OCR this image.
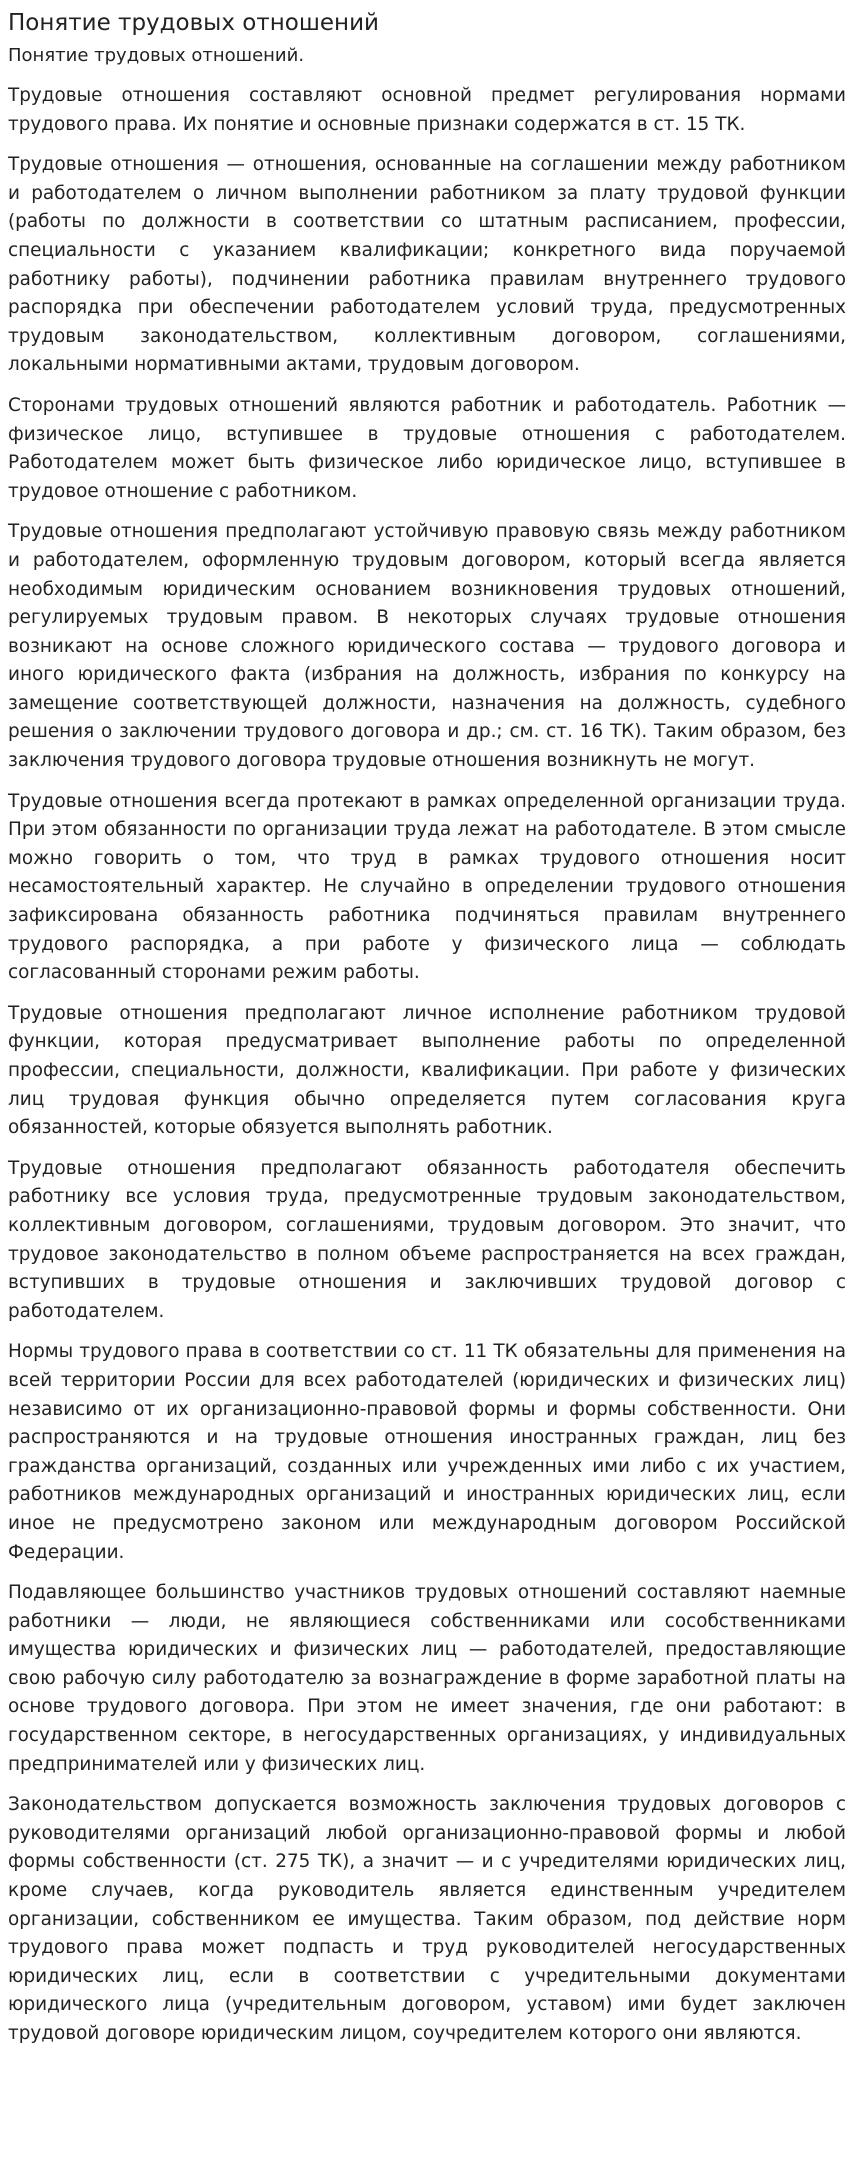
Понятие трудовых отношений
Понятие трудовых отношений.

Трудовые отношения составляют основной предмет регулирования нормами трудового права. Их понятие и основные признаки содержатся в ст. 15 ТК.

Трудовые отношения — отношения, основанные на соглашении между работником и работодателем о личном выполнении работником за плату трудовой функции (работы по должности в соответствии со штатным расписанием, профессии, специальности с указанием квалификации; конкретного вида поручаемой работнику работы), подчинении работника правилам внутреннего трудового распорядка при обеспечении работодателем условий труда, предусмотренных трудовым законодательством, коллективным договором, соглашениями, локальными нормативными актами, трудовым договором.

Сторонами трудовых отношений являются работник и работодатель. Работник — физическое лицо, вступившее в трудовые отношения с работодателем. Работодателем может быть физическое либо юридическое лицо, вступившее в трудовое отношение с работником.

Трудовые отношения предполагают устойчивую правовую связь между работником и работодателем, оформленную трудовым договором, который всегда является необходимым юридическим основанием возникновения трудовых отношений, регулируемых трудовым правом. В некоторых случаях трудовые отношения возникают на основе сложного юридического состава — трудового договора и иного юридического факта (избрания на должность, избрания по конкурсу на замещение соответствующей должности, назначения на должность, судебного решения о заключении трудового договора и др.; см. ст. 16 ТК). Таким образом, без заключения трудового договора трудовые отношения возникнуть не могут.

Трудовые отношения всегда протекают в рамках определенной организации труда. При этом обязанности по организации труда лежат на работодателе. В этом смысле можно говорить о том, что труд в рамках трудового отношения носит несамостоятельный характер. Не случайно в определении трудового отношения зафиксирована обязанность работника подчиняться правилам внутреннего трудового распорядка, а при работе у физического лица — соблюдать согласованный сторонами режим работы.

Трудовые отношения предполагают личное исполнение работником трудовой функции, которая предусматривает выполнение работы по определенной профессии, специальности, должности, квалификации. При работе у физических лиц трудовая функция обычно определяется путем согласования круга обязанностей, которые обязуется выполнять работник.

Трудовые отношения предполагают обязанность работодателя обеспечить работнику все условия труда, предусмотренные трудовым законодательством, коллективным договором, соглашениями, трудовым договором. Это значит, что трудовое законодательство в полном объеме распространяется на всех граждан, вступивших в трудовые отношения и заключивших трудовой договор с работодателем.

Нормы трудового права в соответствии со ст. 11 ТК обязательны для применения на всей территории России для всех работодателей (юридических и физических лиц) независимо от их организационно-правовой формы и формы собственности. Они распространяются и на трудовые отношения иностранных граждан, лиц без гражданства организаций, созданных или учрежденных ими либо с их участием, работников международных организаций и иностранных юридических лиц, если иное не предусмотрено законом или международным договором Российской Федерации.

Подавляющее большинство участников трудовых отношений составляют наемные работники — люди, не являющиеся собственниками или сособственниками имущества юридических и физических лиц — работодателей, предоставляющие свою рабочую силу работодателю за вознаграждение в форме заработной платы на основе трудового договора. При этом не имеет значения, где они работают: в государственном секторе, в негосударственных организациях, у индивидуальных предпринимателей или у физических лиц.

Законодательством допускается возможность заключения трудовых договоров с руководителями организаций любой организационно-правовой формы и любой формы собственности (ст. 275 ТК), а значит — и с учредителями юридических лиц, кроме случаев, когда руководитель является единственным учредителем организации, собственником ее имущества. Таким образом, под действие норм трудового права может подпасть и труд руководителей негосударственных юридических лиц, если в соответствии с учредительными документами юридического лица (учредительным договором, уставом) ими будет заключен трудовой договоре юридическим лицом, соучредителем которого они являются.
